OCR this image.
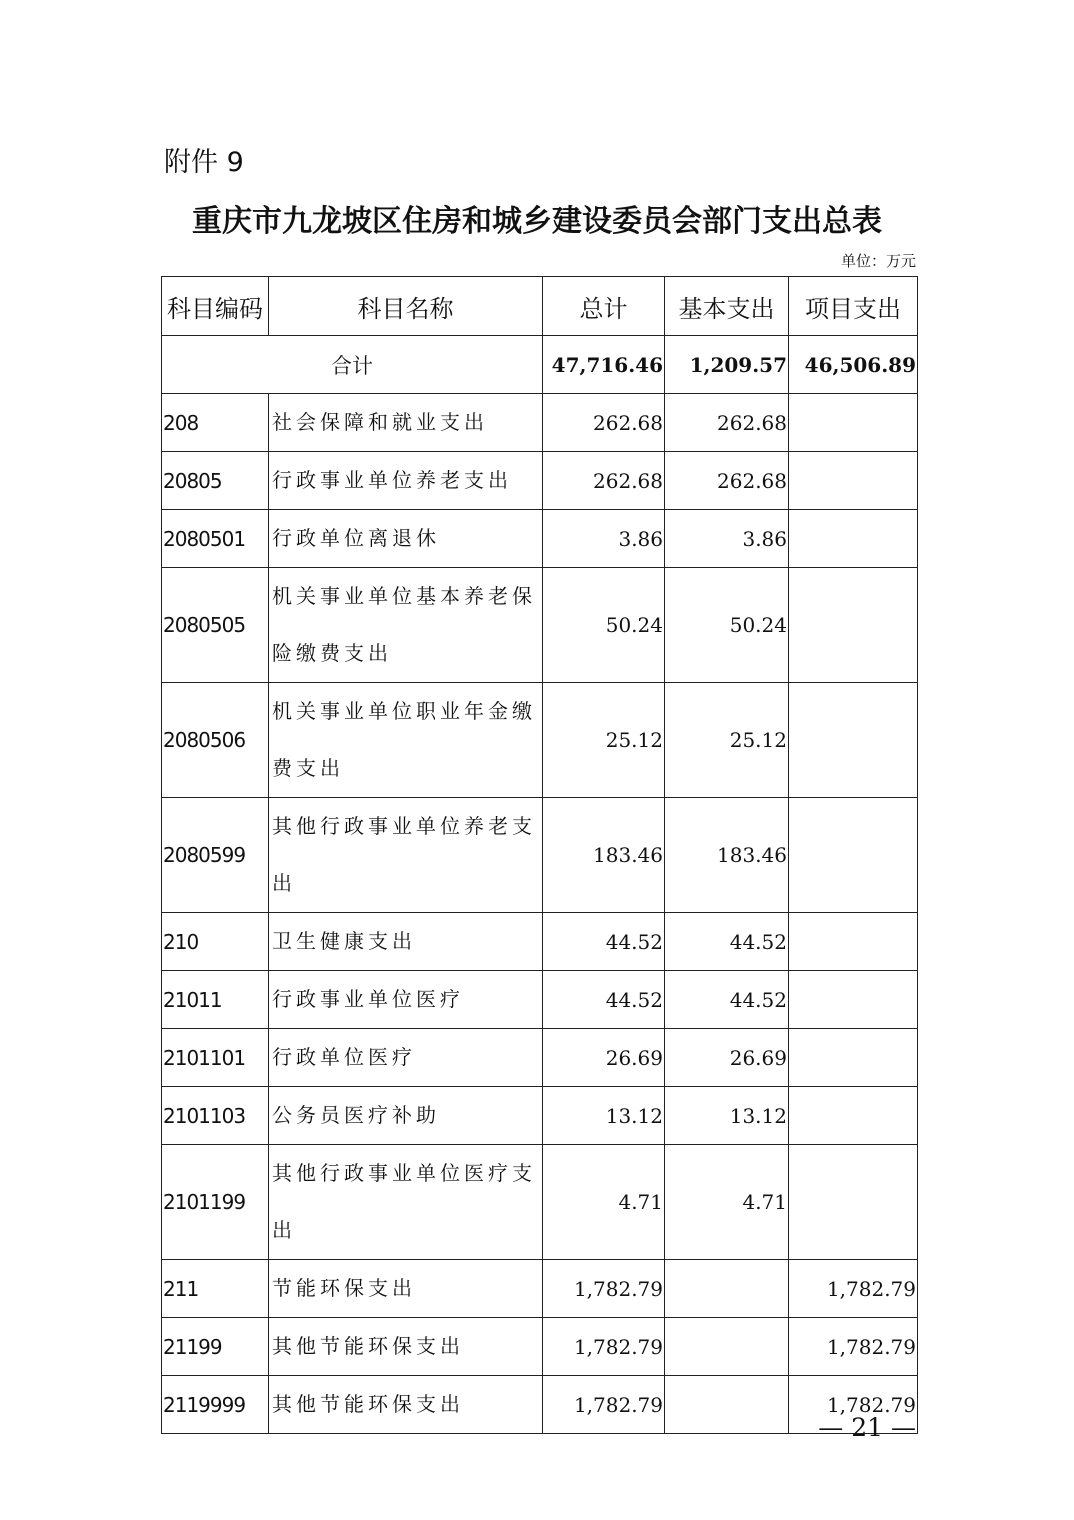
附件 9
重庆市九龙坡区住房和城乡建设委员会部门支出总表
单位：万元
科目编码	科目名称	总计	基本支出	项目支出
合计		47,716.46	1,209.57	46,506.89
208	社会保障和就业支出	262.68	262.68	
20805	行政事业单位养老支出	262.68	262.68	
2080501	行政单位离退休	3.86	3.86	
2080505	机关事业单位基本养老保险缴费支出	50.24	50.24	
2080506	机关事业单位职业年金缴费支出	25.12	25.12	
2080599	其他行政事业单位养老支出	183.46	183.46	
210	卫生健康支出	44.52	44.52	
21011	行政事业单位医疗	44.52	44.52	
2101101	行政单位医疗	26.69	26.69	
2101103	公务员医疗补助	13.12	13.12	
2101199	其他行政事业单位医疗支出	4.71	4.71	
211	节能环保支出	1,782.79		1,782.79
21199	其他节能环保支出	1,782.79		1,782.79
2119999	其他节能环保支出	1,782.79		1,782.79
— 21 —
